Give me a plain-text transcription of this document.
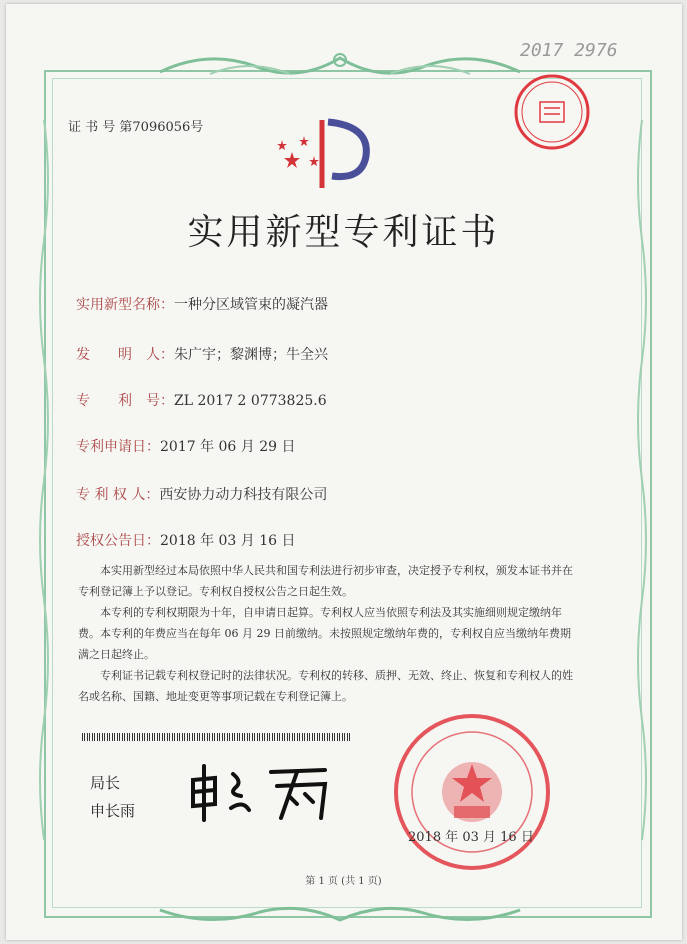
2017 2976
证 书 号 第7096056号
实用新型专利证书
实用新型名称：一种分区域管束的凝汽器
发　　明　人：朱广宇；黎渊博；牛全兴
专　　利　号：ZL 2017 2 0773825.6
专利申请日：2017 年 06 月 29 日
专 利 权 人：西安协力动力科技有限公司
授权公告日：2018 年 03 月 16 日

本实用新型经过本局依照中华人民共和国专利法进行初步审查，决定授予专利权，颁发本证书并在专利登记簿上予以登记。专利权自授权公告之日起生效。

本专利的专利权期限为十年，自申请日起算。专利权人应当依照专利法及其实施细则规定缴纳年费。本专利的年费应当在每年 06 月 29 日前缴纳。未按照规定缴纳年费的，专利权自应当缴纳年费期满之日起终止。

专利证书记载专利权登记时的法律状况。专利权的转移、质押、无效、终止、恢复和专利权人的姓名或名称、国籍、地址变更等事项记载在专利登记簿上。

局长
申长雨
2018 年 03 月 16 日
第 1 页 (共 1 页)
